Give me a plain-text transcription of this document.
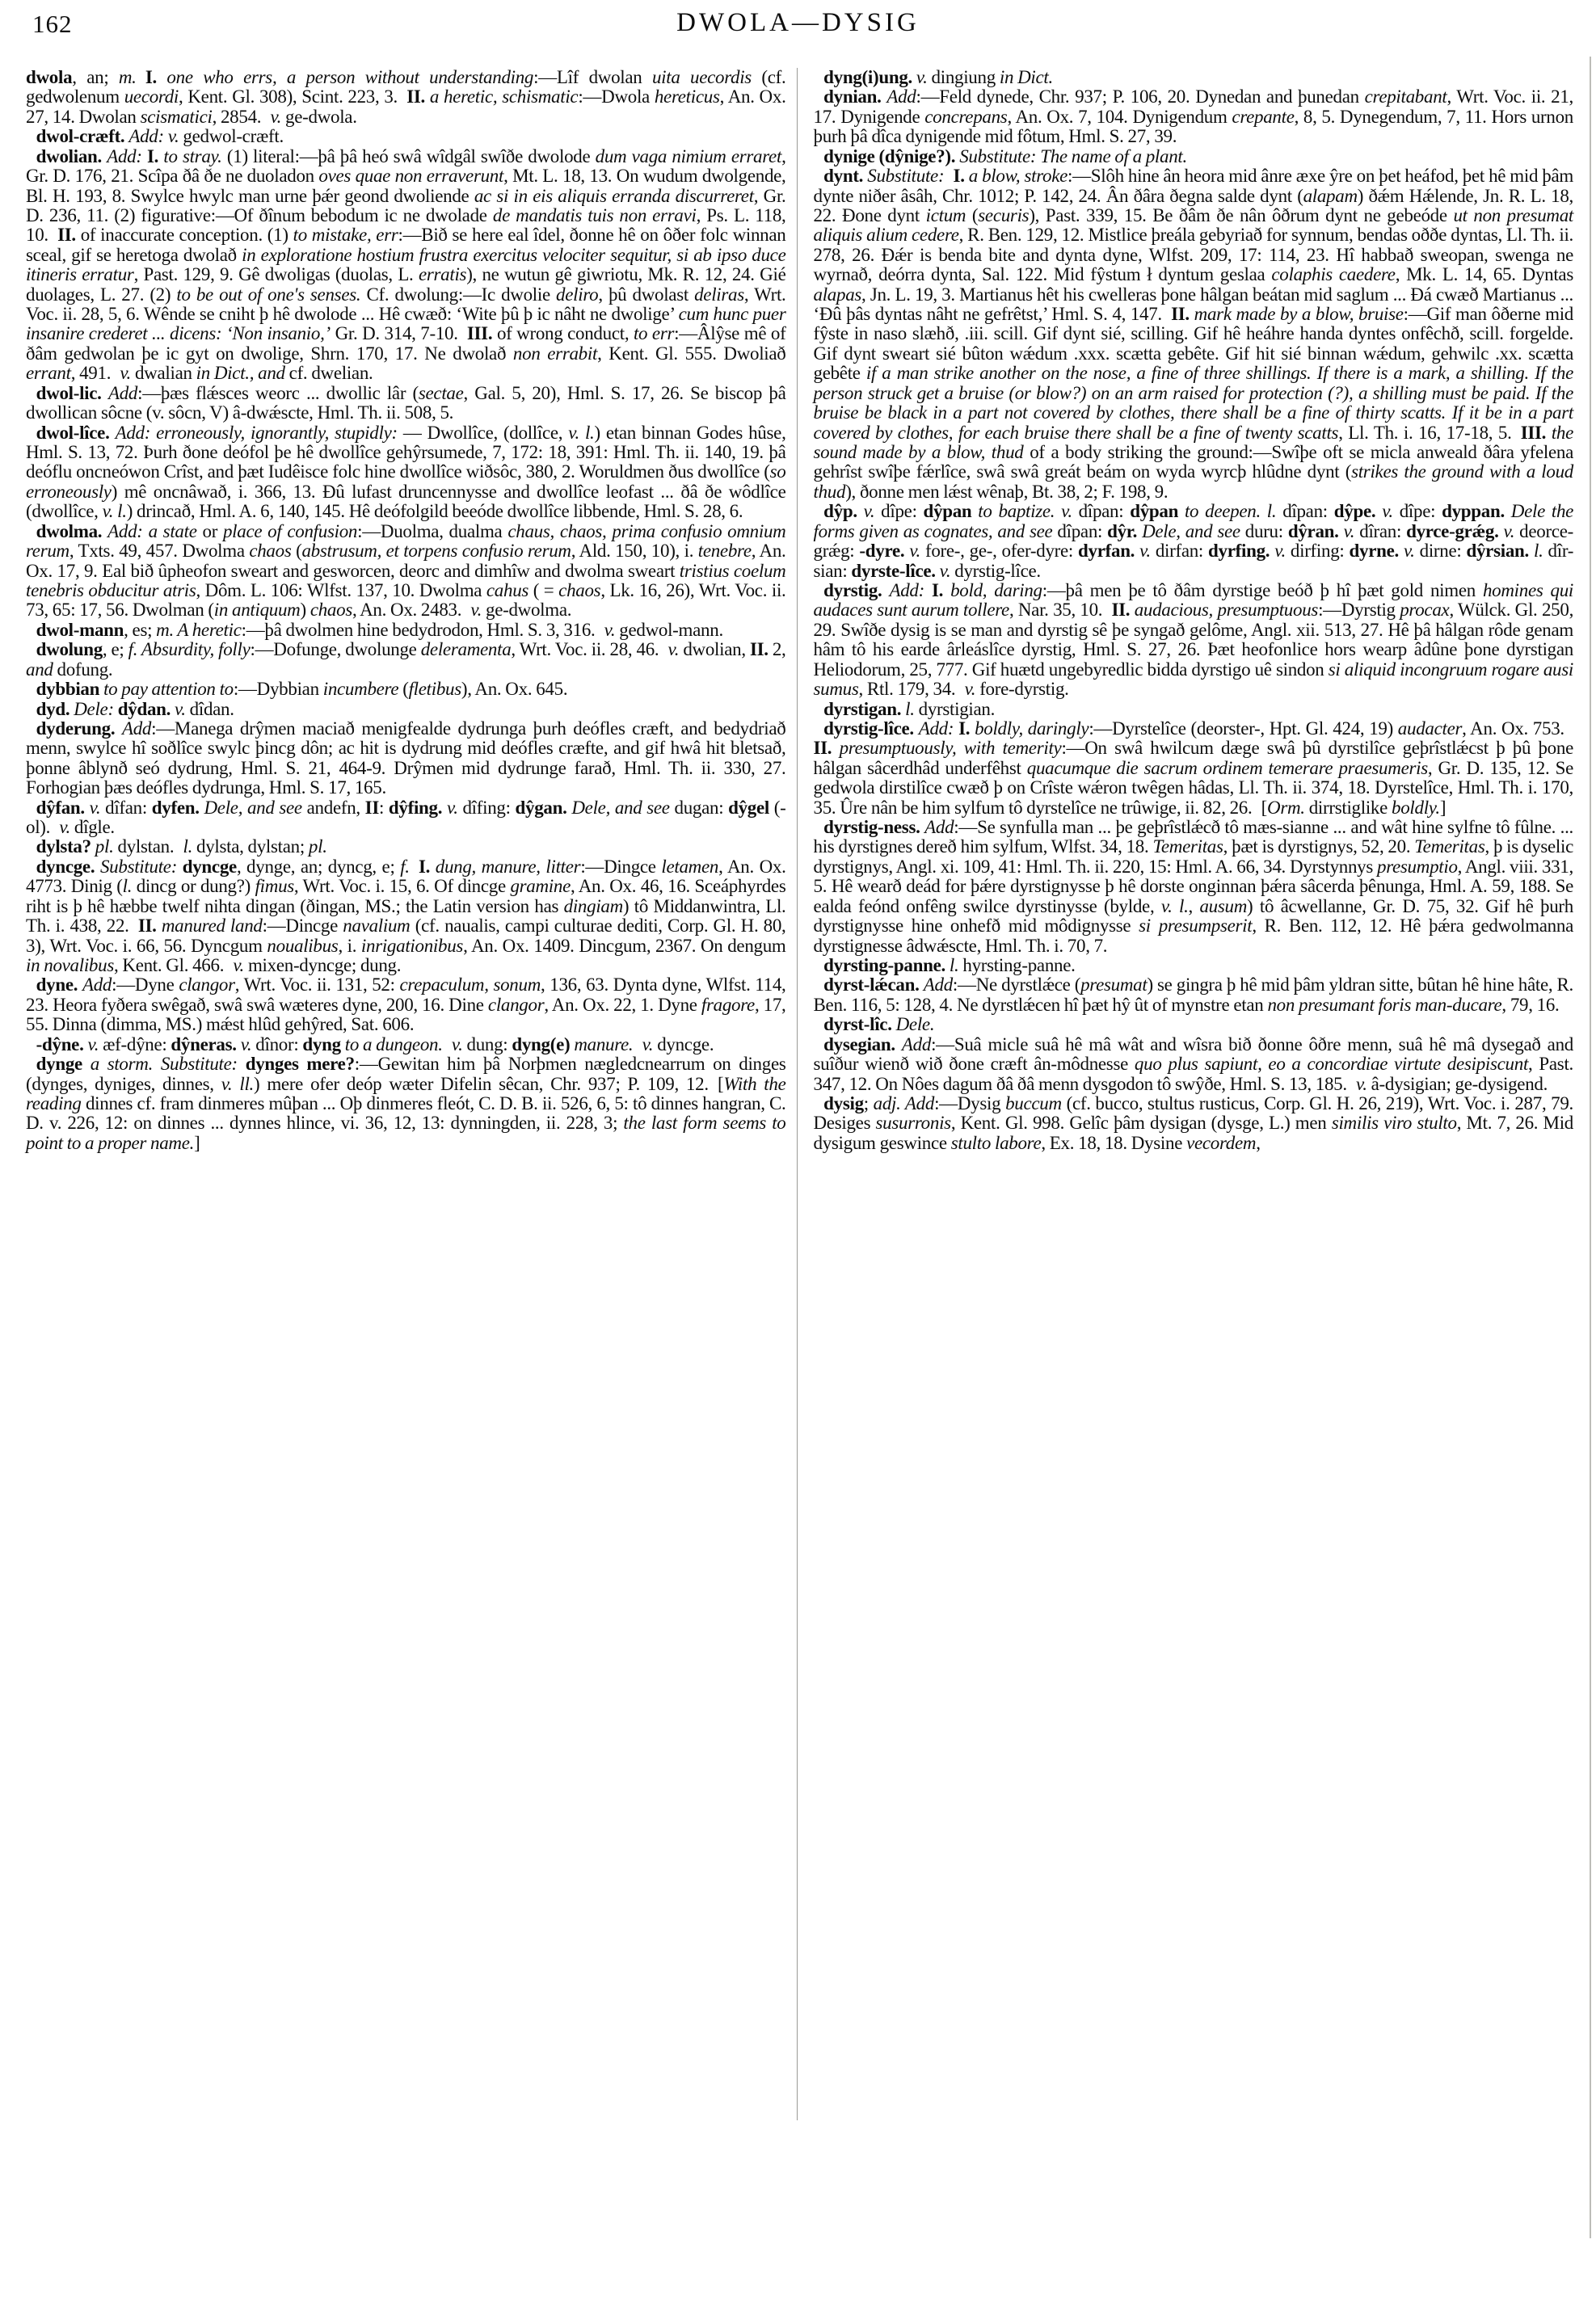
162	DWOLA—DYSIG

dwola, an; m.  I. one who errs, a person without understanding:—Lîf dwolan uita uecordis (cf. gedwolenum uecordi, Kent. Gl. 308), Scint. 223, 3. II. a heretic, schismatic:—Dwola hereticus, An. Ox. 27, 14. Dwolan scismatici, 2854. v. ge-dwola.

dwol-cræft. Add: v. gedwol-cræft.

dwolian. Add: I. to stray. (1) literal:—þâ þâ heó swâ wîdgâl swîðe dwolode dum vaga nimium erraret, Gr. D. 176, 21. Scîpa ðâ ðe ne duoladon oves quae non erraverunt, Mt. L. 18, 13. On wudum dwolgende, Bl. H. 193, 8. Swylce hwylc man urne þǽr geond dwoliende ac si in eis aliquis erranda discurreret, Gr. D. 236, 11. (2) figurative:—Of ðînum bebodum ic ne dwolade de mandatis tuis non erravi, Ps. L. 118, 10. II. of inaccurate conception. (1) to mistake, err:—Bið se here eal îdel, ðonne hê on ôðer folc winnan sceal, gif se heretoga dwolað in exploratione hostium frustra exercitus velociter sequitur, si ab ipso duce itineris erratur, Past. 129, 9. Gê dwoligas (duolas, L. erratis), ne wutun gê giwriotu, Mk. R. 12, 24. Gié duolages, L. 27. (2) to be out of one's senses. Cf. dwolung:—Ic dwolie deliro, þû dwolast deliras, Wrt. Voc. ii. 28, 5, 6. Wênde se cniht þ hê dwolode ... Hê cwæð: ‘Wite þû þ ic nâht ne dwolige’ cum hunc puer insanire crederet ... dicens: ‘Non insanio,’ Gr. D. 314, 7-10. III. of wrong conduct, to err:—Âlŷse mê of ðâm gedwolan þe ic gyt on dwolige, Shrn. 170, 17. Ne dwolað non errabit, Kent. Gl. 555. Dwoliað errant, 491. v. dwalian in Dict., and cf. dwelian.

dwol-lic. Add:—þæs flǽsces weorc ... dwollic lâr (sectae, Gal. 5, 20), Hml. S. 17, 26. Se biscop þâ dwollican sôcne (v. sôcn, V) â-dwǽscte, Hml. Th. ii. 508, 5.

dwol-lîce. Add: erroneously, ignorantly, stupidly: — Dwollîce, (dollîce, v. l.) etan binnan Godes hûse, Hml. S. 13, 72. Þurh ðone deófol þe hê dwollîce gehŷrsumede, 7, 172: 18, 391: Hml. Th. ii. 140, 19. þâ deóflu oncneówon Crîst, and þæt Iudêisce folc hine dwollîce wiðsôc, 380, 2. Woruldmen ðus dwollîce (so erroneously) mê oncnâwað, i. 366, 13. Ðû lufast druncennysse and dwollîce leofast ... ðâ ðe wôdlîce (dwollîce, v. l.) drincað, Hml. A. 6, 140, 145. Hê deófolgild beeóde dwollîce libbende, Hml. S. 28, 6.

dwolma. Add: a state or place of confusion:—Duolma, dualma chaus, chaos, prima confusio omnium rerum, Txts. 49, 457. Dwolma chaos (abstrusum, et torpens confusio rerum, Ald. 150, 10), i. tenebre, An. Ox. 17, 9. Eal bið ûpheofon sweart and gesworcen, deorc and dimhîw and dwolma sweart tristius coelum tenebris obducitur atris, Dôm. L. 106: Wlfst. 137, 10. Dwolma cahus ( = chaos, Lk. 16, 26), Wrt. Voc. ii. 73, 65: 17, 56. Dwolman (in antiquum) chaos, An. Ox. 2483. v. ge-dwolma.

dwol-mann, es; m. A heretic:—þâ dwolmen hine bedydrodon, Hml. S. 3, 316. v. gedwol-mann.

dwolung, e; f. Absurdity, folly:—Dofunge, dwolunge deleramenta, Wrt. Voc. ii. 28, 46. v. dwolian, II. 2, and dofung.

dybbian to pay attention to:—Dybbian incumbere (fletibus), An. Ox. 645.

dyd. Dele: dŷdan. v. dîdan.

dyderung. Add:—Manega drŷmen maciað menigfealde dydrunga þurh deófles cræft, and bedydriað menn, swylce hî soðlîce swylc þincg dôn; ac hit is dydrung mid deófles cræfte, and gif hwâ hit bletsað, þonne âblynð seó dydrung, Hml. S. 21, 464-9. Drŷmen mid dydrunge farað, Hml. Th. ii. 330, 27. Forhogian þæs deófles dydrunga, Hml. S. 17, 165.

dŷfan. v. dîfan: dyfen. Dele, and see andefn, II: dŷfing. v. dîfing: dŷgan. Dele, and see dugan: dŷgel (-ol). v. dîgle.

dylsta? pl. dylstan. l. dylsta, dylstan; pl.

dyncge. Substitute: dyncge, dynge, an; dyncg, e; f.  I. dung, manure, litter:—Dingce letamen, An. Ox. 4773. Dinig (l. dincg or dung?) fimus, Wrt. Voc. i. 15, 6. Of dincge gramine, An. Ox. 46, 16. Sceáphyrdes riht is þ hê hæbbe twelf nihta dingan (ðingan, MS.; the Latin version has dingiam) tô Middanwintra, Ll. Th. i. 438, 22. II. manured land:—Dincge navalium (cf. naualis, campi culturae dediti, Corp. Gl. H. 80, 3), Wrt. Voc. i. 66, 56. Dyncgum noualibus, i. inrigationibus, An. Ox. 1409. Dincgum, 2367. On dengum in novalibus, Kent. Gl. 466. v. mixen-dyncge; dung.

dyne. Add:—Dyne clangor, Wrt. Voc. ii. 131, 52: crepaculum, sonum, 136, 63. Dynta dyne, Wlfst. 114, 23. Heora fyðera swêgað, swâ swâ wæteres dyne, 200, 16. Dine clangor, An. Ox. 22, 1. Dyne fragore, 17, 55. Dinna (dimma, MS.) mǽst hlûd gehŷred, Sat. 606.

-dŷne. v. æf-dŷne: dŷneras. v. dînor: dyng to a dungeon.  v. dung: dyng(e) manure.  v. dyncge.

dynge a storm. Substitute: dynges mere?:—Gewitan him þâ Norþmen nægledcnearrum on dinges (dynges, dyniges, dinnes, v. ll.) mere ofer deóp wæter Difelin sêcan, Chr. 937; P. 109, 12. [With the reading dinnes cf. fram dinmeres mûþan ... Oþ dinmeres fleót, C. D. B. ii. 526, 6, 5: tô dinnes hangran, C. D. v. 226, 12: on dinnes ... dynnes hlince, vi. 36, 12, 13: dynningden, ii. 228, 3; the last form seems to point to a proper name.]

dyng(i)ung. v. dingiung in Dict.

dynian. Add:—Feld dynede, Chr. 937; P. 106, 20. Dynedan and þunedan crepitabant, Wrt. Voc. ii. 21, 17. Dynigende concrepans, An. Ox. 7, 104. Dynigendum crepante, 8, 5. Dynegendum, 7, 11. Hors urnon þurh þâ dîca dynigende mid fôtum, Hml. S. 27, 39.

dynige (dŷnige?). Substitute: The name of a plant.

dynt. Substitute:  I. a blow, stroke:—Slôh hine ân heora mid ânre æxe ŷre on þet heáfod, þet hê mid þâm dynte niðer âsâh, Chr. 1012; P. 142, 24. Ân ðâra ðegna salde dynt (alapam) ðǽm Hǽlende, Jn. R. L. 18, 22. Ðone dynt ictum (securis), Past. 339, 15. Be ðâm ðe nân ôðrum dynt ne gebeóde ut non presumat aliquis alium cedere, R. Ben. 129, 12. Mistlice þreála gebyriað for synnum, bendas oððe dyntas, Ll. Th. ii. 278, 26. Ðǽr is benda bite and dynta dyne, Wlfst. 209, 17: 114, 23. Hî habbað sweopan, swenga ne wyrnað, deórra dynta, Sal. 122. Mid fŷstum ł dyntum geslaa colaphis caedere, Mk. L. 14, 65. Dyntas alapas, Jn. L. 19, 3. Martianus hêt his cwelleras þone hâlgan beátan mid saglum ... Ðá cwæð Martianus ... ‘Ðû þâs dyntas nâht ne gefrêtst,’ Hml. S. 4, 147. II. mark made by a blow, bruise:—Gif man ôðerne mid fŷste in naso slæhð, .iii. scill. Gif dynt sié, scilling. Gif hê heáhre handa dyntes onfêchð, scill. forgelde. Gif dynt sweart sié bûton wǽdum .xxx. scætta gebête. Gif hit sié binnan wǽdum, gehwilc .xx. scætta gebête if a man strike another on the nose, a fine of three shillings. If there is a mark, a shilling. If the person struck get a bruise (or blow?) on an arm raised for protection (?), a shilling must be paid. If the bruise be black in a part not covered by clothes, there shall be a fine of thirty scatts. If it be in a part covered by clothes, for each bruise there shall be a fine of twenty scatts, Ll. Th. i. 16, 17-18, 5. III. the sound made by a blow, thud of a body striking the ground:—Swîþe oft se micla anweald ðâra yfelena gehrîst swîþe fǽrlîce, swâ swâ greát beám on wyda wyrcþ hlûdne dynt (strikes the ground with a loud thud), ðonne men lǽst wênaþ, Bt. 38, 2; F. 198, 9.

dŷp. v. dîpe: dŷpan to baptize. v. dîpan: dŷpan to deepen. l. dîpan: dŷpe. v. dîpe: dyppan. Dele the forms given as cognates, and see dîpan: dŷr. Dele, and see duru: dŷran. v. dîran: dyrce-grǽg. v. deorce-grǽg: -dyre. v. fore-, ge-, ofer-dyre: dyrfan. v. dirfan: dyrfing. v. dirfing: dyrne. v. dirne: dŷrsian. l. dîr-sian: dyrste-lîce. v. dyrstig-lîce.

dyrstig. Add: I. bold, daring:—þâ men þe tô ðâm dyrstige beóð þ hî þæt gold nimen homines qui audaces sunt aurum tollere, Nar. 35, 10. II. audacious, presumptuous:—Dyrstig procax, Wülck. Gl. 250, 29. Swîðe dysig is se man and dyrstig sê þe syngað gelôme, Angl. xii. 513, 27. Hê þâ hâlgan rôde genam hâm tô his earde ârleáslîce dyrstig, Hml. S. 27, 26. Þæt heofonlice hors wearp âdûne þone dyrstigan Heliodorum, 25, 777. Gif huætd ungebyredlic bidda dyrstigo uê sindon si aliquid incongruum rogare ausi sumus, Rtl. 179, 34. v. fore-dyrstig.

dyrstigan. l. dyrstigian.

dyrstig-lîce. Add: I. boldly, daringly:—Dyrstelîce (deorster-, Hpt. Gl. 424, 19) audacter, An. Ox. 753. II. presumptuously, with temerity:—On swâ hwilcum dæge swâ þû dyrstilîce geþrîstlǽcst þ þû þone hâlgan sâcerdhâd underfêhst quacumque die sacrum ordinem temerare praesumeris, Gr. D. 135, 12. Se gedwola dirstilîce cwæð þ on Crîste wǽron twêgen hâdas, Ll. Th. ii. 374, 18. Dyrstelîce, Hml. Th. i. 170, 35. Ûre nân be him sylfum tô dyrstelîce ne trûwige, ii. 82, 26. [Orm. dirrstiglike boldly.]

dyrstig-ness. Add:—Se synfulla man ... þe geþrîstlǽcð tô mæs-sianne ... and wât hine sylfne tô fûlne. ... his dyrstignes dereð him sylfum, Wlfst. 34, 18. Temeritas, þæt is dyrstignys, 52, 20. Temeritas, þ is dyselic dyrstignys, Angl. xi. 109, 41: Hml. Th. ii. 220, 15: Hml. A. 66, 34. Dyrstynnys presumptio, Angl. viii. 331, 5. Hê wearð deád for þǽre dyrstignysse þ hê dorste onginnan þǽra sâcerda þênunga, Hml. A. 59, 188. Se ealda feónd onfêng swilce dyrstinysse (bylde, v. l., ausum) tô âcwellanne, Gr. D. 75, 32. Gif hê þurh dyrstignysse hine onhefð mid môdignysse si presumpserit, R. Ben. 112, 12. Hê þǽra gedwolmanna dyrstignesse âdwǽscte, Hml. Th. i. 70, 7.

dyrsting-panne. l. hyrsting-panne.

dyrst-lǽcan. Add:—Ne dyrstlǽce (presumat) se gingra þ hê mid þâm yldran sitte, bûtan hê hine hâte, R. Ben. 116, 5: 128, 4. Ne dyrstlǽcen hî þæt hŷ ût of mynstre etan non presumant foris man-ducare, 79, 16.

dyrst-lîc. Dele.

dysegian. Add:—Suâ micle suâ hê mâ wât and wîsra bið ðonne ôðre menn, suâ hê mâ dysegað and suîður wienð wið ðone cræft ân-môdnesse quo plus sapiunt, eo a concordiae virtute desipiscunt, Past. 347, 12. On Nôes dagum ðâ ðâ menn dysgodon tô swŷðe, Hml. S. 13, 185. v. â-dysigian; ge-dysigend.

dysig; adj. Add:—Dysig buccum (cf. bucco, stultus rusticus, Corp. Gl. H. 26, 219), Wrt. Voc. i. 287, 79. Desiges susurronis, Kent. Gl. 998. Gelîc þâm dysigan (dysge, L.) men similis viro stulto, Mt. 7, 26. Mid dysigum geswince stulto labore, Ex. 18, 18. Dysine vecordem,
